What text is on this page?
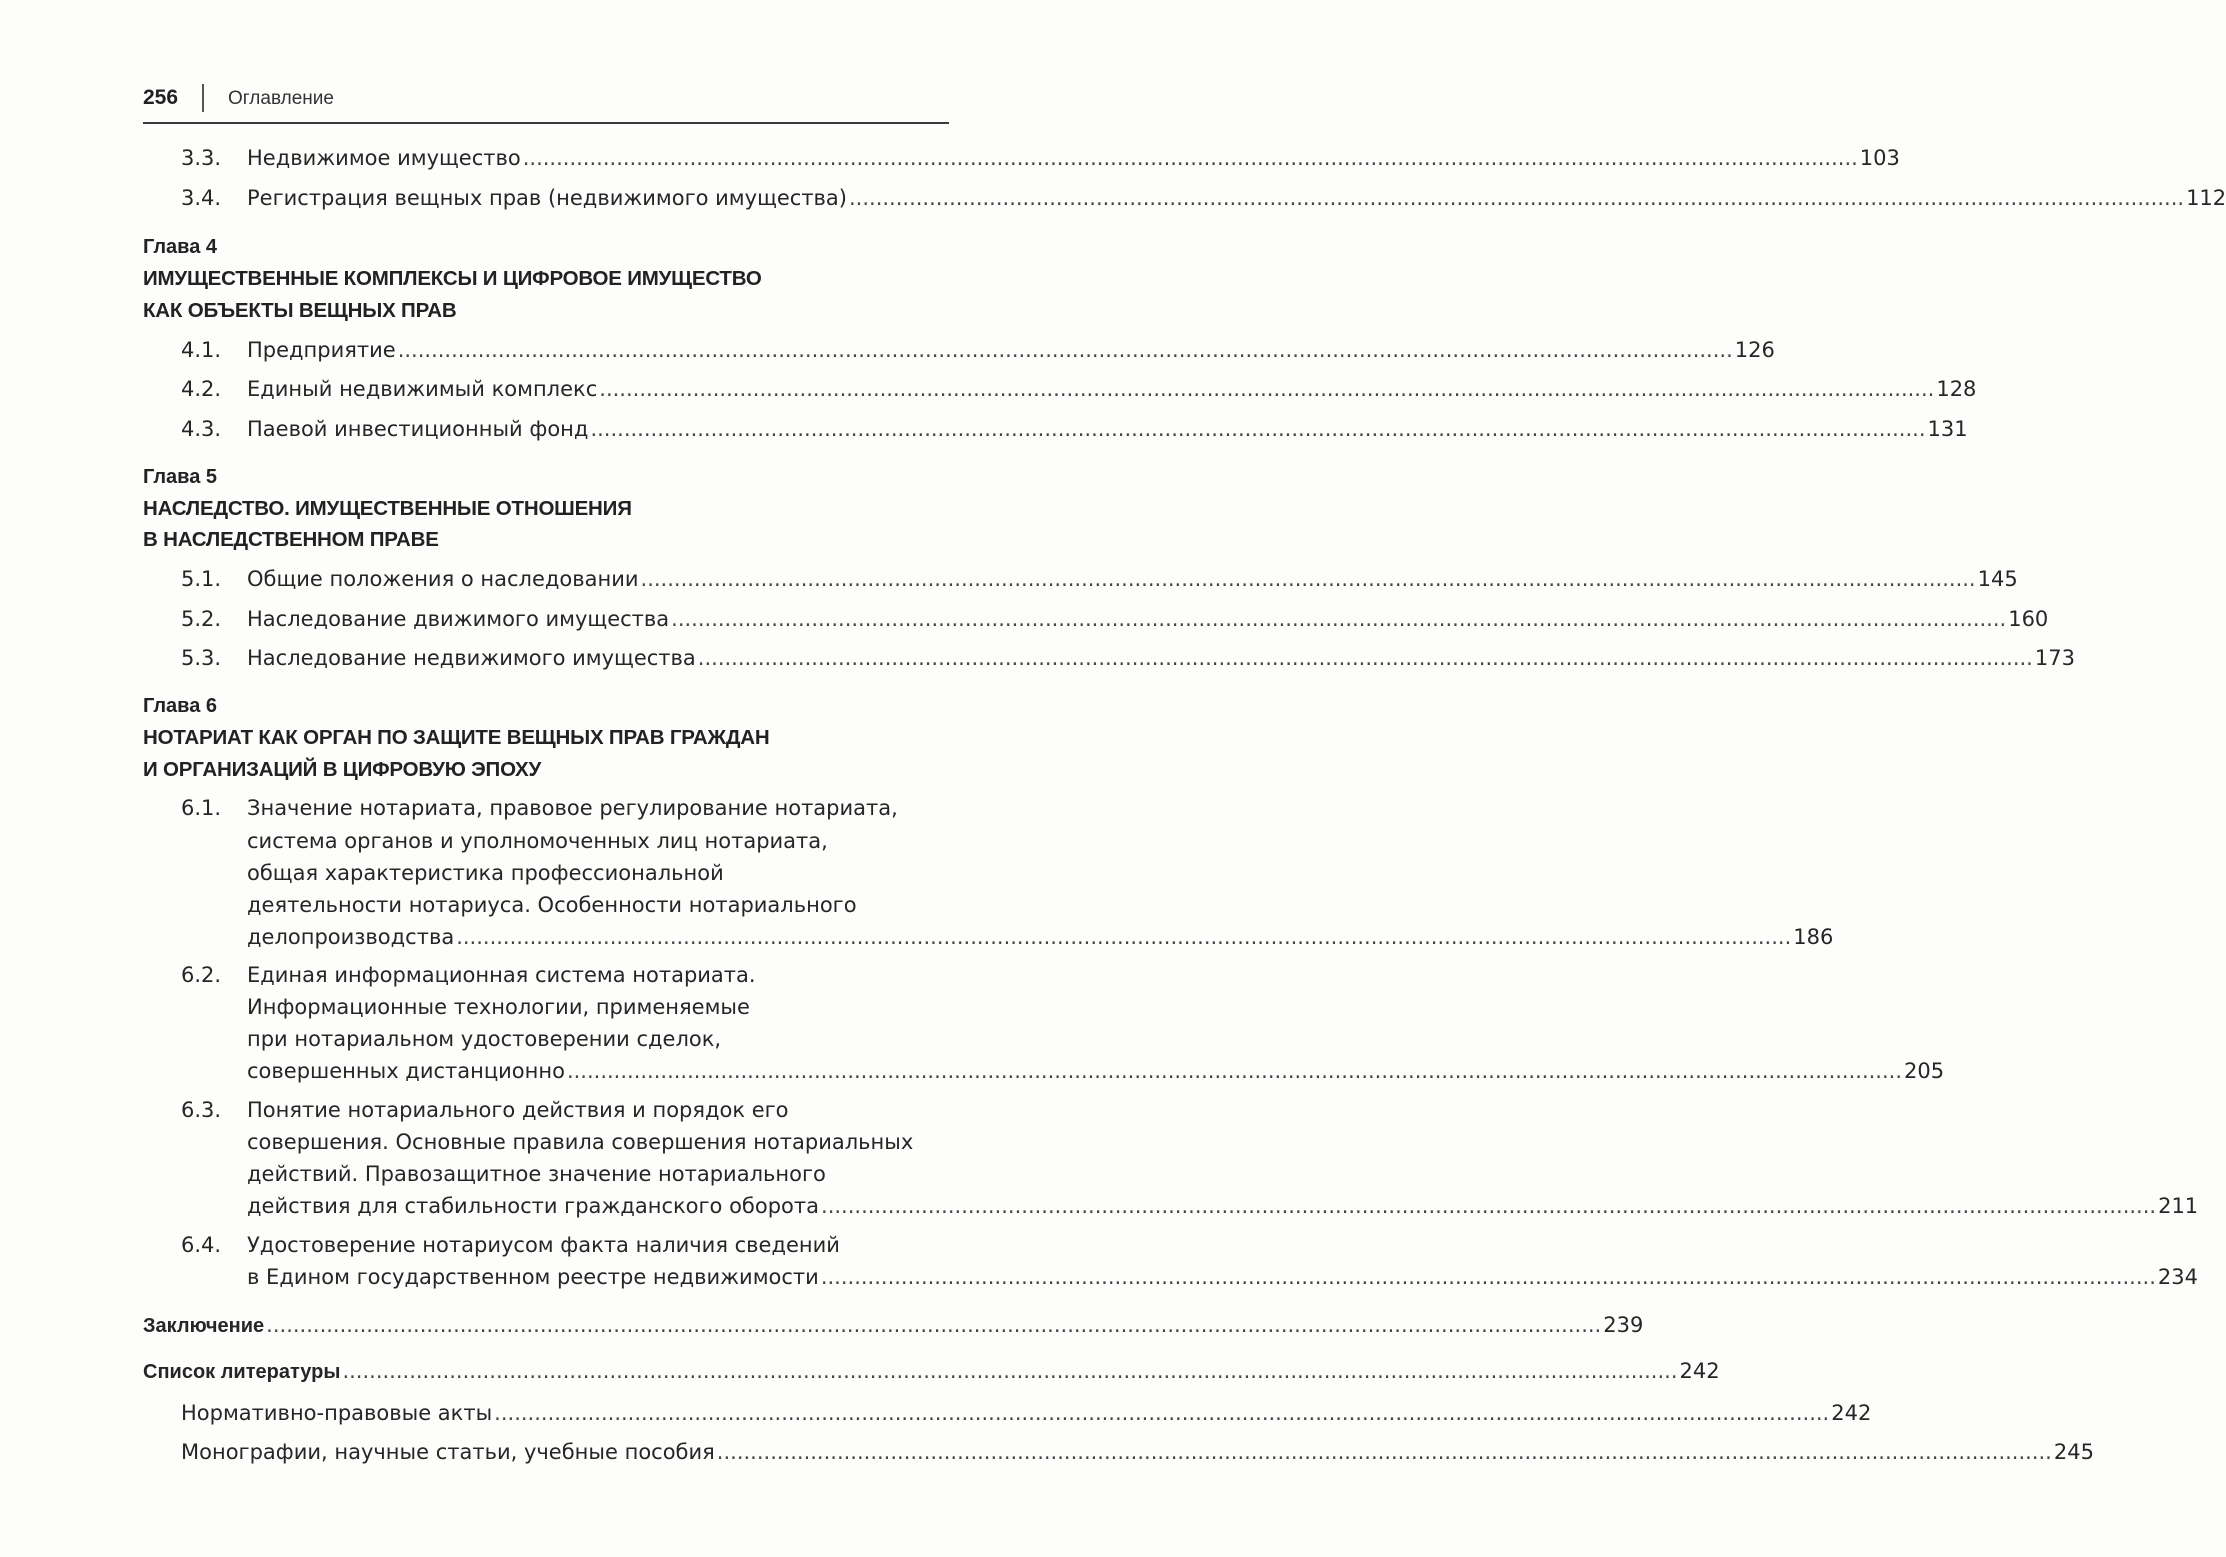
256	Оглавление
3.3. Недвижимое имущество ........................................................................................................................................................................................................ 103
3.4. Регистрация вещных прав (недвижимого имущества) ........................................................................................................................................................................................................ 112
Глава 4
ИМУЩЕСТВЕННЫЕ КОМПЛЕКСЫ И ЦИФРОВОЕ ИМУЩЕСТВО
КАК ОБЪЕКТЫ ВЕЩНЫХ ПРАВ
4.1. Предприятие ........................................................................................................................................................................................................ 126
4.2. Единый недвижимый комплекс ........................................................................................................................................................................................................ 128
4.3. Паевой инвестиционный фонд ........................................................................................................................................................................................................ 131
Глава 5
НАСЛЕДСТВО. ИМУЩЕСТВЕННЫЕ ОТНОШЕНИЯ
В НАСЛЕДСТВЕННОМ ПРАВЕ
5.1. Общие положения о наследовании ........................................................................................................................................................................................................ 145
5.2. Наследование движимого имущества ........................................................................................................................................................................................................ 160
5.3. Наследование недвижимого имущества ........................................................................................................................................................................................................ 173
Глава 6
НОТАРИАТ КАК ОРГАН ПО ЗАЩИТЕ ВЕЩНЫХ ПРАВ ГРАЖДАН
И ОРГАНИЗАЦИЙ В ЦИФРОВУЮ ЭПОХУ
6.1. Значение нотариата, правовое регулирование нотариата,
система органов и уполномоченных лиц нотариата,
общая характеристика профессиональной
деятельности нотариуса. Особенности нотариального
делопроизводства ........................................................................................................................................................................................................ 186
6.2. Единая информационная система нотариата.
Информационные технологии, применяемые
при нотариальном удостоверении сделок,
совершенных дистанционно ........................................................................................................................................................................................................ 205
6.3. Понятие нотариального действия и порядок его
совершения. Основные правила совершения нотариальных
действий. Правозащитное значение нотариального
действия для стабильности гражданского оборота ........................................................................................................................................................................................................ 211
6.4. Удостоверение нотариусом факта наличия сведений
в Едином государственном реестре недвижимости ........................................................................................................................................................................................................ 234
Заключение ........................................................................................................................................................................................................ 239
Список литературы ........................................................................................................................................................................................................ 242
Нормативно-правовые акты ........................................................................................................................................................................................................ 242
Монографии, научные статьи, учебные пособия ........................................................................................................................................................................................................ 245
